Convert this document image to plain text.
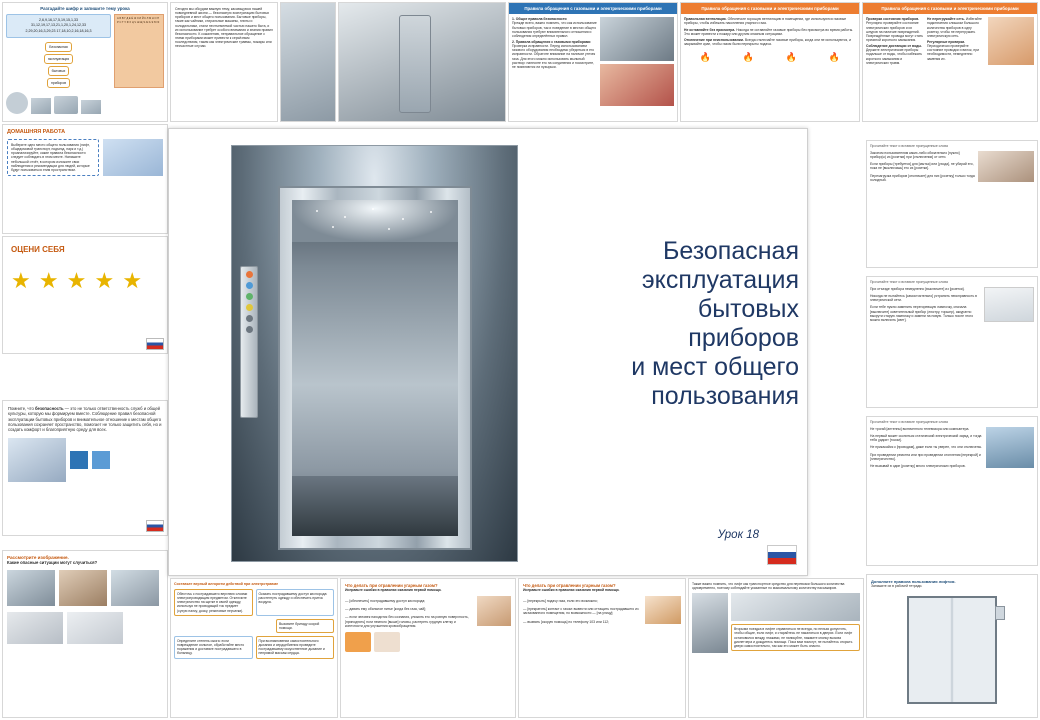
Разгадайте шифр и запишите тему урока
2,6,9,16,17,5,19,15,1,33
31,12,19,17,13,21,1,20,1,24,12,33
2,29,20,16,3,29,23 17,18,10,2,16,18,16,3
Безопасная
эксплуатация
бытовых
приборов
А Б В Г Д Е Ё Ж З И Й К Л М Н О П Р С Т У Ф Х Ц Ч Ш Щ Ъ Ы Ь Э Ю Я
Сегодня мы обсудим важную тему, касающуюся нашей повседневной жизни — безопасную эксплуатацию бытовых приборов и мест общего пользования. Бытовые приборы, такие как чайники, стиральные машины, плиты и холодильники, стали неотъемлемой частью нашего быта, и их использование требует особого внимания и знания правил безопасности. К сожалению, неправильное обращение с этими приборами может привести к серьёзным последствиям, таким как электрические травмы, пожары или несчастные случаи.
Правила обращения с газовыми и электрическими приборами
1. Общие правила безопасности
Прежде всего, важно помнить, что как использование бытовых приборов, так и поведение в местах общего пользования требуют внимательного отношения и соблюдения определённых правил.
2. Правила обращения с газовыми приборами
Проверка исправности. Перед использованием газового оборудования необходимо убедиться в его исправности. Обратите внимание на наличие утечек газа. Для этого можно использовать мыльный раствор: нанесите его на соединения и посмотрите, не появляются ли пузырьки.
Правила обращения с газовыми и электрическими приборами
Правильная вентиляция. Обеспечьте хорошую вентиляцию в помещении, где используются газовые приборы, чтобы избежать накопления угарного газа.
Не оставляйте без присмотра. Никогда не оставляйте газовые приборы без присмотра во время работы. Это может привести к пожару или другим опасным ситуациям.
Отключение при неиспользовании. Всегда отключайте газовые приборы, когда они не используются, и закрывайте кран, чтобы газом были перекрыты подача.
🔥	🔥	🔥	🔥
Правила обращения с газовыми и электрическими приборами
Проверка состояния приборов. Регулярно проверяйте состояние электрических приборов и их шнуров на наличие повреждений. Повреждённые провода могут стать причиной короткого замыкания.
Соблюдение дистанции от воды. Держите электрические приборы подальше от воды, чтобы избежать короткого замыкания и электрических травм.
Не перегружайте сеть. Избегайте подключения слишком большого количества приборов в одну розетку, чтобы не перегружать электрическую сеть.
Регулярные проверки. Периодически проверяйте состояние проводки и вилок, при необходимости, немедленно заменяя их.
ДОМАШНЯЯ РАБОТА
Выберите одно место общего пользования (лифт, общедомовой транспорт, подъезд, парк и т.д.) проанализируйте, какие правила безопасности следует соблюдать в этом месте. Напишите небольшой отчёт, в котором изложите свои наблюдения и рекомендации для людей, которые будут пользоваться этим пространством.
ОЦЕНИ СЕБЯ
★ ★ ★ ★ ★
Помните, что безопасность — это не только ответственность служб и общей культуры, которую мы формируем вместе. Соблюдение правил безопасной эксплуатации бытовых приборов и внимательное отношение к местам общего пользования сохраняет пространство, помогает не только защитить себя, но и создать комфорт и благоприятную среду для всех.
Рассмотрите изображение.
Какие опасные ситуации могут случиться?
Безопасная
эксплуатация
бытовых
приборов
и мест общего
пользования
Урок 18
Прочитайте текст и вставьте пропущенные слова
Законом пользователям каких-либо обязательно [нужно] прибор(ы) из [розетки] при [отключении] от сети.
Если приборы [требуется] для [мытья] или [ухода], не убирай его, пока не [выключишь] его из [розетки].
Перезагрузка приборов [отключает] для них [розетку] только тогда холодный.
Прочитайте текст и вставьте пропущенные слова
При отъезде прибора немедленно [выключите] из [розетки].
Никогда не пытайтесь [самостоятельно] устранять неисправность в электрической сети.
Если тебе нужно заменить перегоревшую лампочку, сначала [выключите] осветительный прибор (люстру, торшер), аккуратно выкрути старую лампочку и замени на новую. Только после этого можно включить [свет].
Прочитайте текст и вставьте пропущенные слова
Не трогай [антенны] включенного телевизора или компьютера.
На первый может скопиться статический электрический заряд, и тогда тебя ударит [током].
Не прикасайся к [проводам], даже если ты уверен, что они отключены.
При проведении ремонта или при проведении отопления [перекрой] и [электричество].
Не вызывай в один [розетку] много электрических приборов.
Дополните правила пользования лифтом.
Запишите их в рабочей тетради.
Составьте верный алгоритм действий при электротравме
Обесточь с пострадавшего верхнюю слоями электропроводящим предметом. Отключите электричество на щитке в своей одежду, используя не проводящий ток предмет (сухую палку, доску, резиновые перчатки).
Оказать пострадавшему доступ кислорода: расстегнуть одежду и обеспечить приток воздуха.
Вызовите бригаду скорой помощи.
Определите степень ожога: если повреждение сильное, обработайте место поражения и доставьте пострадавшего в больницу.
При возникновении самостоятельного дыхания и сердцебиения проведите пострадавшему искусственное дыхание и непрямой массаж сердца.
Что делать при отравлении угарным газом?
Исправьте ошибки в правилах оказания первой помощи.
— [обеспечить] пострадавшему доступ кислорода;
— давать ему обильное питье [когда без газа, чай];
— если человек находится без сознания, уложить его на ровную поверхность, [приподнять] ноги немного [выше] головы, растереть грудную клетку и конечности для улучшения кровообращения.
Что делать при отравлении угарным газом?
Исправьте ошибки в правилах оказания первой помощи.
— [перекрыть] подачу газа, если это возможно;
— [прекратить] контакт с газом: вывести или оттащить пострадавшего из загазованного помещения, по возможности — [на улицу];
— вызвать [скорую помощь] по телефону 103 или 112;
Также важно помнить, что лифт как транспортное средство для перевозки большого количества одновременно, поэтому соблюдайте указанные по максимальному количеству пассажиров.
Вторыми поездка в лифте справляться не всегда, но нельзя допустить, чтобы общие, если лифт, и старайтесь не накаляться в дверях. Если лифт остановился между этажами, не паникуйте, нажмите кнопку вызова диспетчера и дождитесь помощи. Пока вам помогут, не пытайтесь открыть двери самостоятельно, так как это может быть опасно.
